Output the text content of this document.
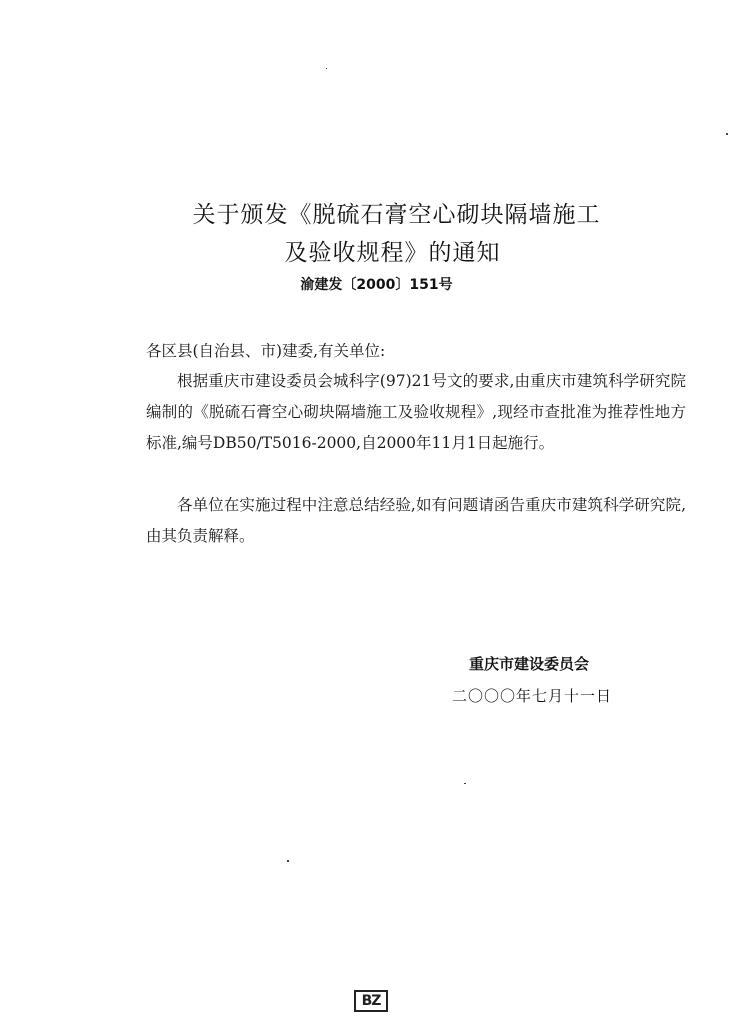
关于颁发《脱硫石膏空心砌块隔墙施工
及验收规程》的通知
渝建发〔2000〕151号
各区县(自治县、市)建委,有关单位:
根据重庆市建设委员会城科字(97)21号文的要求,由重庆市建筑科学研究院编制的《脱硫石膏空心砌块隔墙施工及验收规程》,现经市查批准为推荐性地方标准,编号DB50/T5016-2000,自2000年11月1日起施行。
各单位在实施过程中注意总结经验,如有问题请函告重庆市建筑科学研究院,由其负责解释。
重庆市建设委员会
二〇〇〇年七月十一日
BZ
